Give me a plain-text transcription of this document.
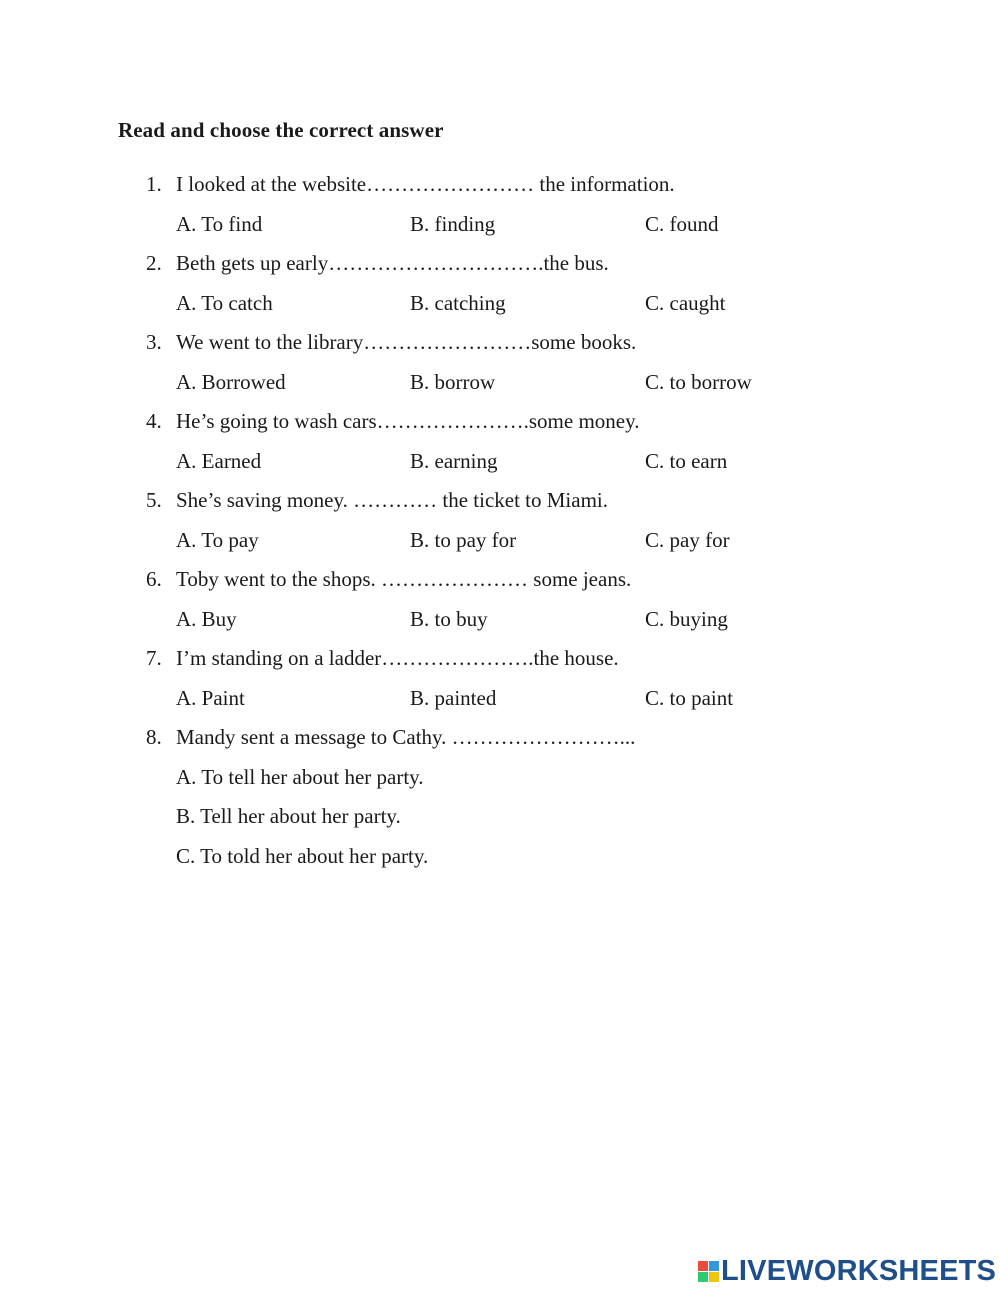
Read and choose the correct answer
1. I looked at the website…………………… the information.
A. To find	B. finding	C. found
2. Beth gets up early………………………….the bus.
A. To catch	B. catching	C. caught
3. We went to the library……………………some books.
A. Borrowed	B. borrow	C. to borrow
4. He’s going to wash cars………………….some money.
A. Earned	B. earning	C. to earn
5. She’s saving money. ………… the ticket to Miami.
A. To pay	B. to pay for	C. pay for
6. Toby went to the shops. ………………… some jeans.
A. Buy	B. to buy	C. buying
7. I’m standing on a ladder………………….the house.
A. Paint	B. painted	C. to paint
8. Mandy sent a message to Cathy. ……………………...
A. To tell her about her party.
B. Tell her about her party.
C. To told her about her party.
LIVEWORKSHEETS
